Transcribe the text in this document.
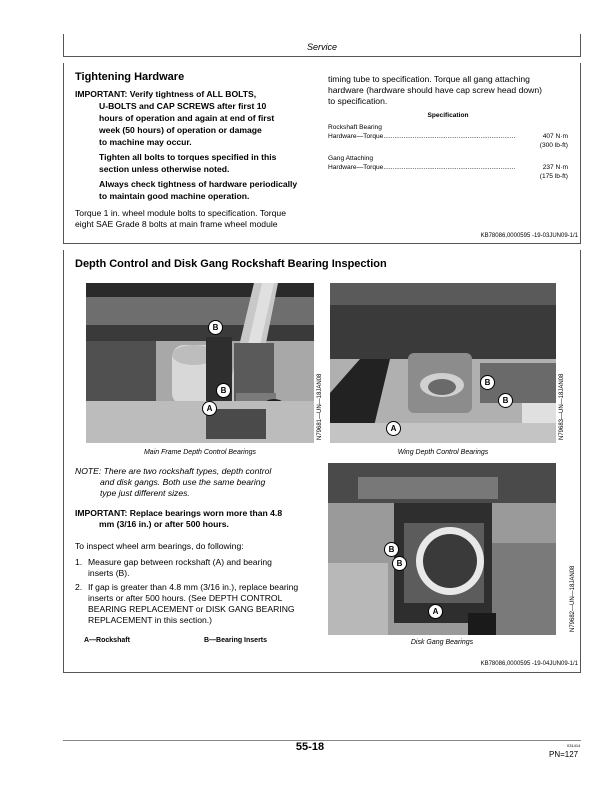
Service
Tightening Hardware
IMPORTANT: Verify tightness of ALL BOLTS,
U-BOLTS and CAP SCREWS after first 10
hours of operation and again at end of first
week (50 hours) of operation or damage
to machine may occur.
Tighten all bolts to torques specified in this
section unless otherwise noted.
Always check tightness of hardware periodically
to maintain good machine operation.
Torque 1 in. wheel module bolts to specification. Torque
eight SAE Grade 8 bolts at main frame wheel module
timing tube to specification. Torque all gang attaching
hardware (hardware should have cap screw head down)
to specification.
Specification
Rockshaft Bearing
Hardware—Torque ........................................................................	407 N·m
(300 lb-ft)
Gang Attaching
Hardware—Torque ........................................................................	237 N·m
(175 lb-ft)
KB78086,0000595 -19-03JUN09-1/1
Depth Control and Disk Gang Rockshaft Bearing Inspection
B
B
A	N79681—UN—18JAN08
Main Frame Depth Control Bearings
B
B
A	N79683—UN—18JAN08
Wing Depth Control Bearings
B
B
A	N79682—UN—18JAN08
Disk Gang Bearings
NOTE: There are two rockshaft types, depth control
and disk gangs. Both use the same bearing
type just different sizes.
IMPORTANT: Replace bearings worn more than 4.8
mm (3/16 in.) or after 500 hours.
To inspect wheel arm bearings, do following:
1. Measure gap between rockshaft (A) and bearing
inserts (B).
2. If gap is greater than 4.8 mm (3/16 in.), replace bearing
inserts or after 500 hours. (See DEPTH CONTROL
BEARING REPLACEMENT or DISK GANG BEARING
REPLACEMENT in this section.)
A—Rockshaft	B—Bearing Inserts
KB78086,0000595 -19-04JUN09-1/1
55-18	031414
PN=127
